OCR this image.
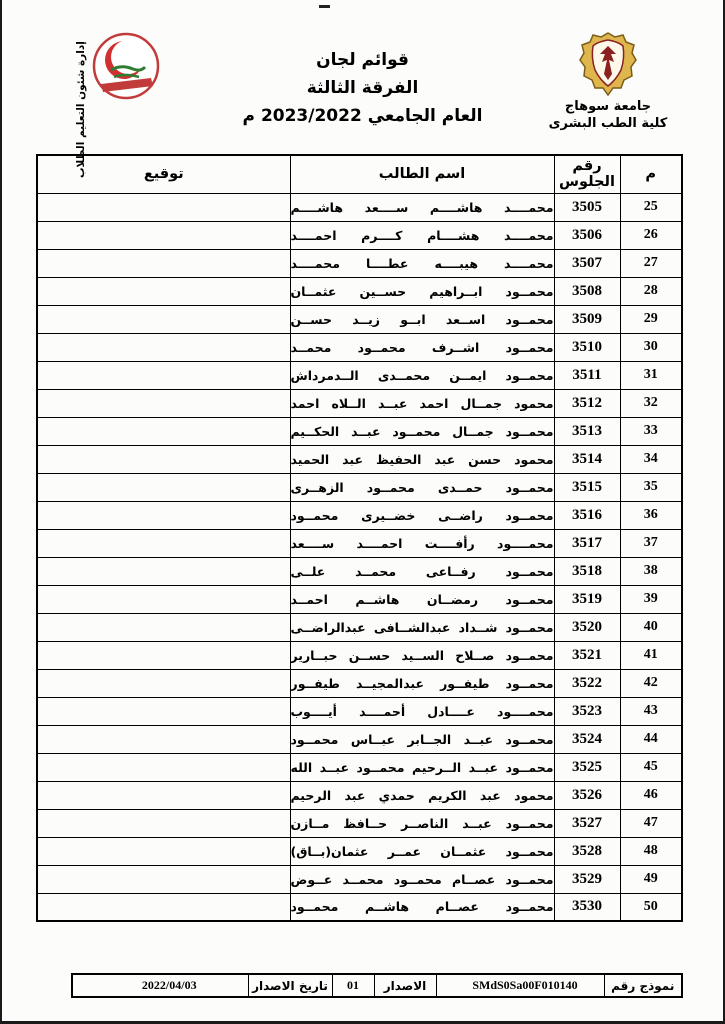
جامعة سوهاج
كلية الطب البشرى
قوائم لجان
الفرقة الثالثة
العام الجامعي 2023/2022 م
إدارة شئون التعليم الطلاب	م	رقم الجلوس	اسم الطالب	توقيع
25	3505	محمــــد هاشــــم ســــعد هاشــــم	
26	3506	محمــــد هشــــام كــــرم احمــــد	
27	3507	محمــــد هيبــــه عطــــا محمــــد	
28	3508	محمــود ابــراهيم حســين عثمــان	
29	3509	محمــود اســعد ابــو زيــد حســن	
30	3510	محمــود اشــرف محمــود محمــد	
31	3511	محمــود ايمــن محمــدى الــدمرداش	
32	3512	محمود جمــال احمد عبــد الــلاه احمد	
33	3513	محمــود جمــال محمــود عبــد الحكــيم	
34	3514	محمود حسن عبد الحفيظ عبد الحميد	
35	3515	محمــود حمــدى محمــود الزهــرى	
36	3516	محمــود راضــى خضــيرى محمــود	
37	3517	محمــــود رأفــــت احمــــد ســــعد	
38	3518	محمــود رفــاعى محمــد علــى	
39	3519	محمــود رمضــان هاشــم احمــد	
40	3520	محمــود شــداد عبدالشــافى عبدالراضــى	
41	3521	محمــود صــلاح الســيد حســن حبــارير	
42	3522	محمــود طيفــور عبدالمجيــد طيفــور	
43	3523	محمــــود عــــادل أحمــــد أيــــوب	
44	3524	محمــود عبــد الجــابر عبــاس محمــود	
45	3525	محمــود عبــد الــرحيم محمــود عبــد الله	
46	3526	محمود عبد الكريم حمدي عبد الرحيم	
47	3527	محمــود عبــد الناصــر حــافظ مــازن	
48	3528	محمــود عثمــان عمــر عثمان(بــاق)	
49	3529	محمــود عصــام محمــود محمــد عــوض	
50	3530	محمــود عصــام هاشــم محمــود	
نموذج رقم	SMdS0Sa00F010140	الاصدار	01	تاريخ الاصدار	2022/04/03
